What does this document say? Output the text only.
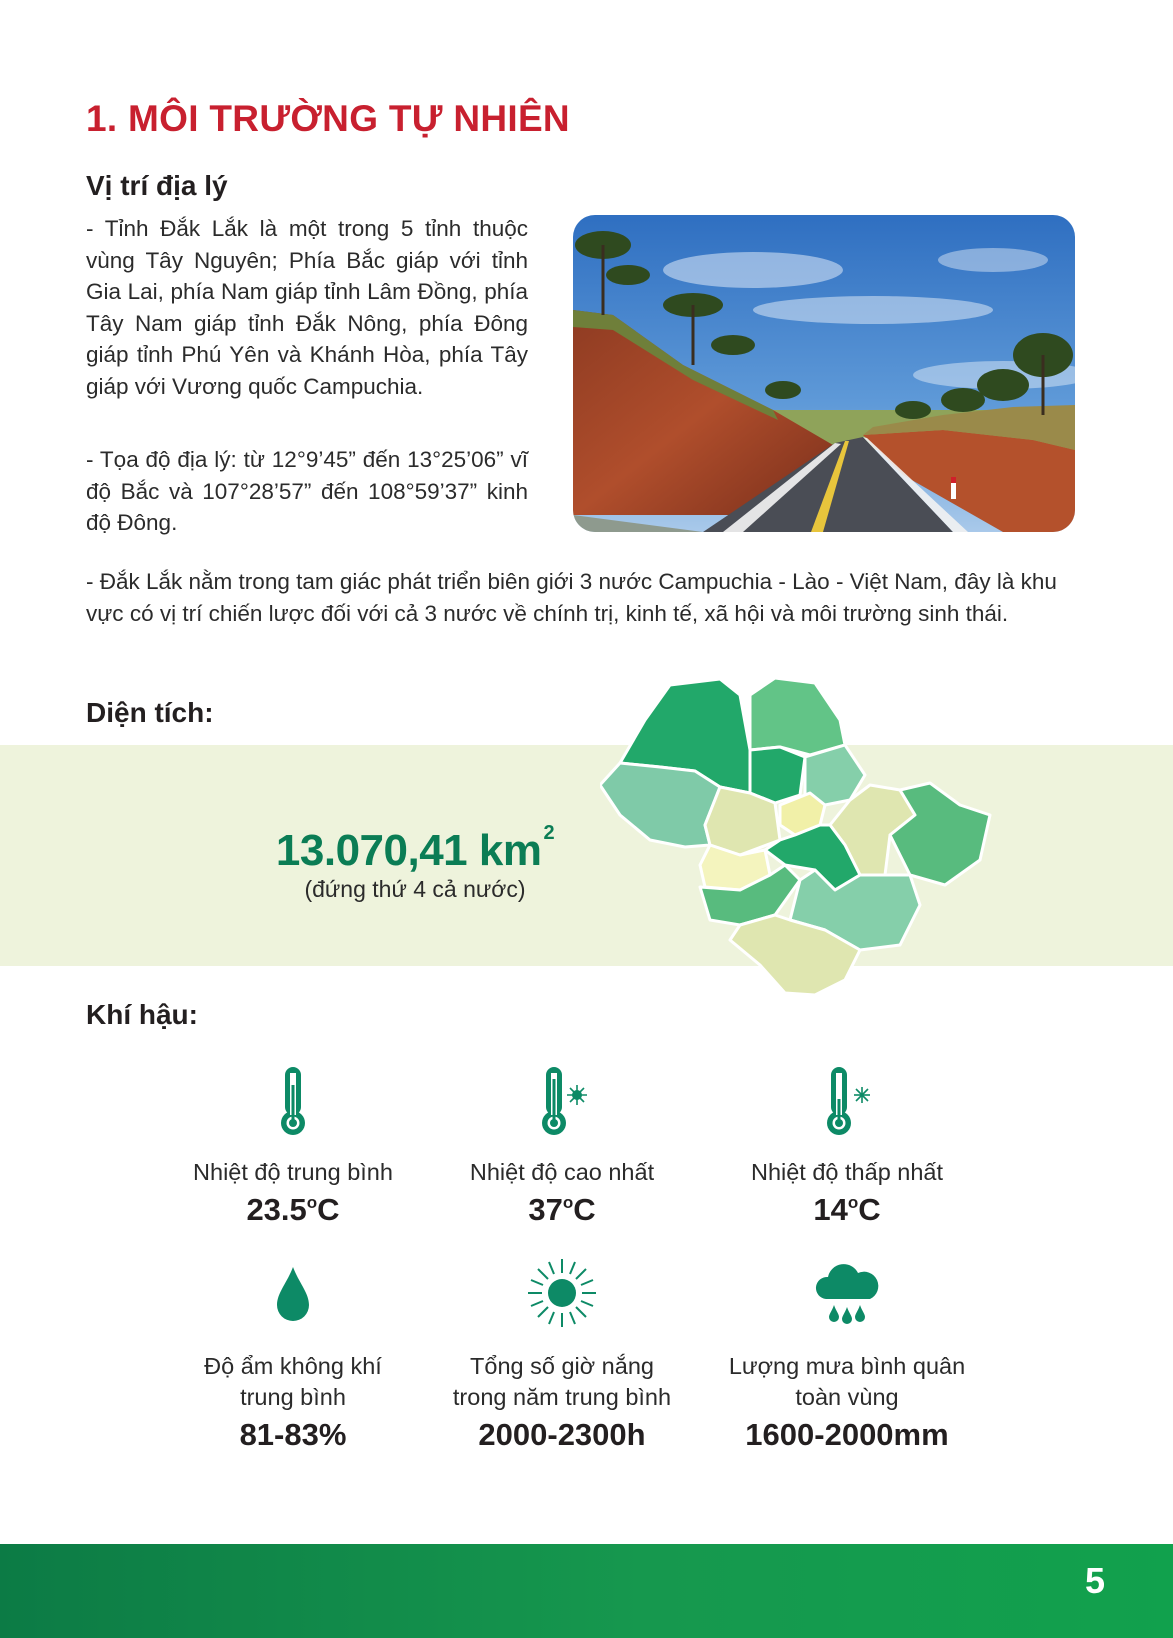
1. MÔI TRƯỜNG TỰ NHIÊN
Vị trí địa lý

- Tỉnh Đắk Lắk là một trong 5 tỉnh thuộc vùng Tây Nguyên; Phía Bắc giáp với tỉnh Gia Lai, phía Nam giáp tỉnh Lâm Đồng, phía Tây Nam giáp tỉnh Đắk Nông, phía Đông giáp tỉnh Phú Yên và Khánh Hòa, phía Tây giáp với Vương quốc Campuchia.

- Tọa độ địa lý: từ 12°9’45” đến 13°25’06” vĩ độ Bắc và 107°28’57” đến 108°59’37” kinh độ Đông.

- Đắk Lắk nằm trong tam giác phát triển biên giới 3 nước Campuchia - Lào - Việt Nam, đây là khu vực có vị trí chiến lược đối với cả 3 nước về chính trị, kinh tế, xã hội và môi trường sinh thái.

Diện tích:
13.070,41 km $^2$
(đứng thứ 4 cả nước)
Khí hậu:
Nhiệt độ trung bình
23.5$^o$C
Nhiệt độ cao nhất
37$^o$C
Nhiệt độ thấp nhất
14$^o$C
Độ ẩm không khí
trung bình
81-83%
Tổng số giờ nắng
trong năm trung bình
2000-2300h
Lượng mưa bình quân
toàn vùng
1600-2000mm
5
